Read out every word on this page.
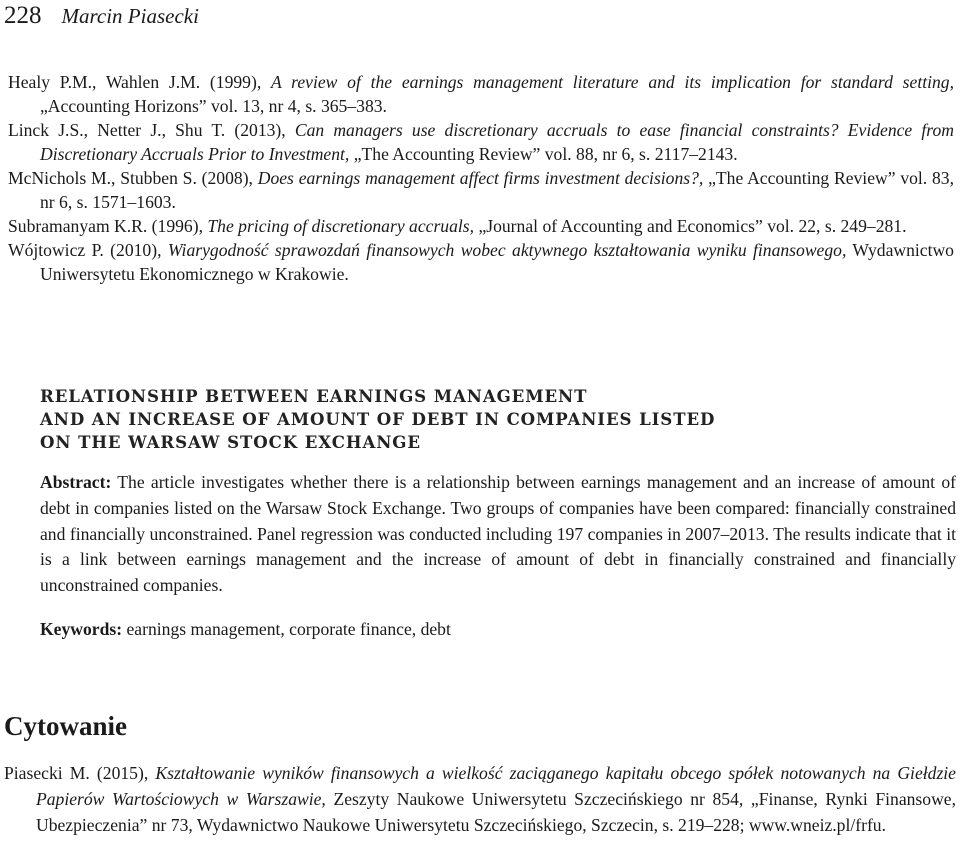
228 Marcin Piasecki

Healy P.M., Wahlen J.M. (1999), A review of the earnings management literature and its implication for standard setting, „Accounting Horizons” vol. 13, nr 4, s. 365–383.

Linck J.S., Netter J., Shu T. (2013), Can managers use discretionary accruals to ease financial constraints? Evidence from Discretionary Accruals Prior to Investment, „The Accounting Review” vol. 88, nr 6, s. 2117–2143.

McNichols M., Stubben S. (2008), Does earnings management affect firms investment decisions?, „The Accounting Review” vol. 83, nr 6, s. 1571–1603.

Subramanyam K.R. (1996), The pricing of discretionary accruals, „Journal of Accounting and Economics” vol. 22, s. 249–281.

Wójtowicz P. (2010), Wiarygodność sprawozdań finansowych wobec aktywnego kształtowania wyniku finansowego, Wydawnictwo Uniwersytetu Ekonomicznego w Krakowie.

RELATIONSHIP BETWEEN EARNINGS MANAGEMENT

AND AN INCREASE OF AMOUNT OF DEBT IN COMPANIES LISTED

ON THE WARSAW STOCK EXCHANGE

Abstract: The article investigates whether there is a relationship between earnings management and an increase of amount of debt in companies listed on the Warsaw Stock Exchange. Two groups of companies have been compared: financially constrained and financially unconstrained. Panel regression was conducted including 197 companies in 2007–2013. The results indicate that it is a link between earnings management and the increase of amount of debt in financially constrained and financially unconstrained companies.

Keywords: earnings management, corporate finance, debt

Cytowanie

Piasecki M. (2015), Kształtowanie wyników finansowych a wielkość zaciąganego kapitału obcego spółek notowanych na Giełdzie Papierów Wartościowych w Warszawie, Zeszyty Naukowe Uniwersytetu Szczecińskiego nr 854, „Finanse, Rynki Finansowe, Ubezpieczenia” nr 73, Wydawnictwo Naukowe Uniwersytetu Szczecińskiego, Szczecin, s. 219–228; www.wneiz.pl/frfu.
